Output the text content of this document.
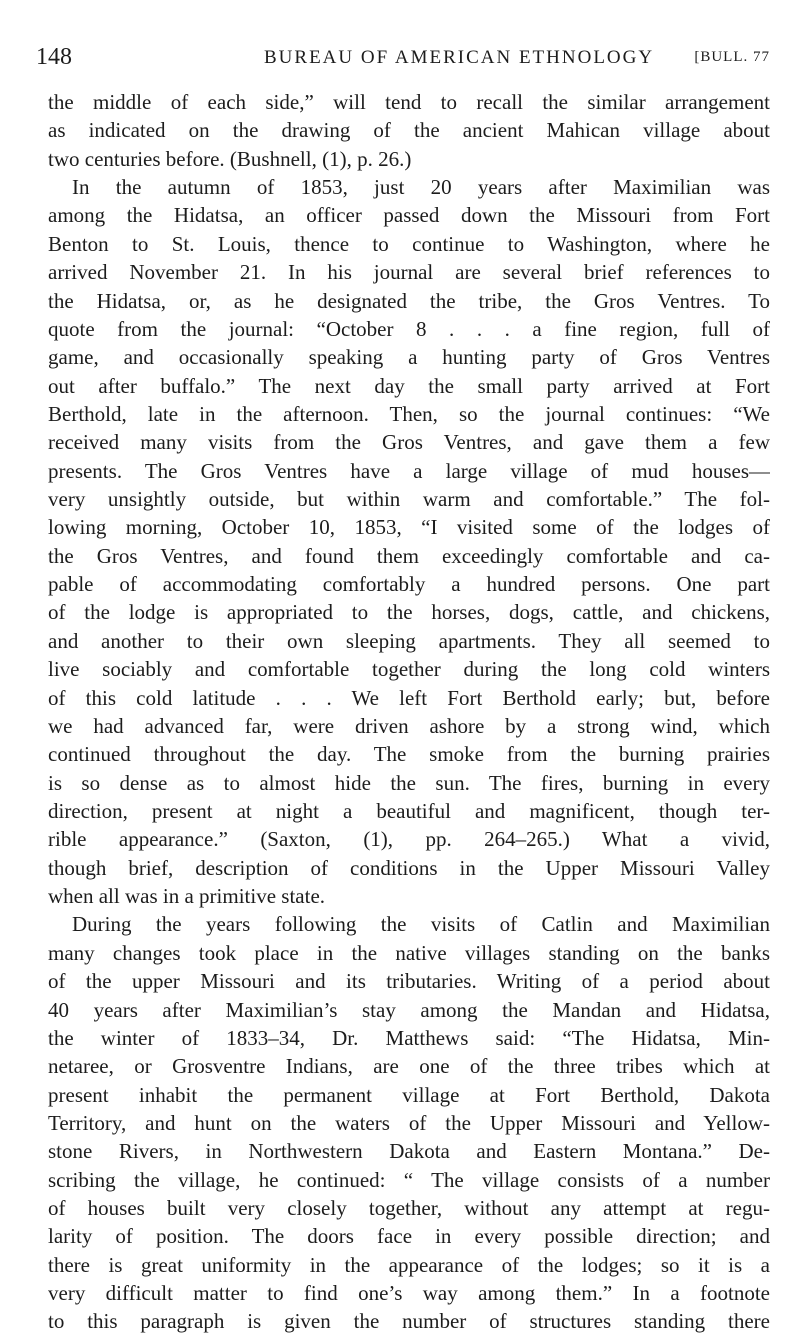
148	BUREAU OF AMERICAN ETHNOLOGY	[BULL. 77
the middle of each side,” will tend to recall the similar arrangement
as indicated on the drawing of the ancient Mahican village about
two centuries before. (Bushnell, (1), p. 26.)
In the autumn of 1853, just 20 years after Maximilian was
among the Hidatsa, an officer passed down the Missouri from Fort
Benton to St. Louis, thence to continue to Washington, where he
arrived November 21. In his journal are several brief references to
the Hidatsa, or, as he designated the tribe, the Gros Ventres. To
quote from the journal: “October 8 . . . a fine region, full of
game, and occasionally speaking a hunting party of Gros Ventres
out after buffalo.” The next day the small party arrived at Fort
Berthold, late in the afternoon. Then, so the journal continues: “We
received many visits from the Gros Ventres, and gave them a few
presents. The Gros Ventres have a large village of mud houses—
very unsightly outside, but within warm and comfortable.” The fol-
lowing morning, October 10, 1853, “I visited some of the lodges of
the Gros Ventres, and found them exceedingly comfortable and ca-
pable of accommodating comfortably a hundred persons. One part
of the lodge is appropriated to the horses, dogs, cattle, and chickens,
and another to their own sleeping apartments. They all seemed to
live sociably and comfortable together during the long cold winters
of this cold latitude . . . We left Fort Berthold early; but, before
we had advanced far, were driven ashore by a strong wind, which
continued throughout the day. The smoke from the burning prairies
is so dense as to almost hide the sun. The fires, burning in every
direction, present at night a beautiful and magnificent, though ter-
rible appearance.” (Saxton, (1), pp. 264–265.) What a vivid,
though brief, description of conditions in the Upper Missouri Valley
when all was in a primitive state.
During the years following the visits of Catlin and Maximilian
many changes took place in the native villages standing on the banks
of the upper Missouri and its tributaries. Writing of a period about
40 years after Maximilian’s stay among the Mandan and Hidatsa,
the winter of 1833–34, Dr. Matthews said: “The Hidatsa, Min-
netaree, or Grosventre Indians, are one of the three tribes which at
present inhabit the permanent village at Fort Berthold, Dakota
Territory, and hunt on the waters of the Upper Missouri and Yellow-
stone Rivers, in Northwestern Dakota and Eastern Montana.” De-
scribing the village, he continued: “ The village consists of a number
of houses built very closely together, without any attempt at regu-
larity of position. The doors face in every possible direction; and
there is great uniformity in the appearance of the lodges; so it is a
very difficult matter to find one’s way among them.” In a footnote
to this paragraph is given the number of structures standing there
